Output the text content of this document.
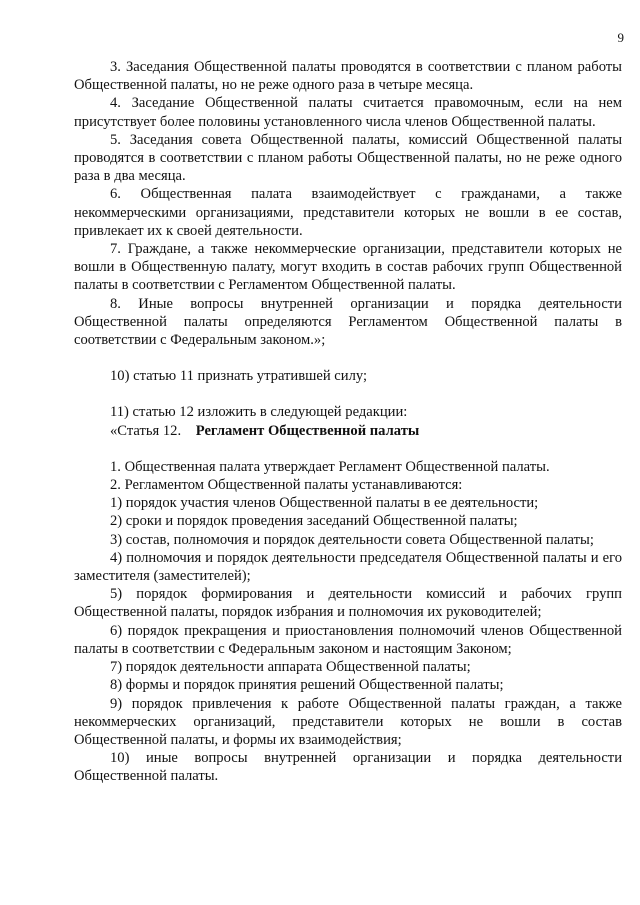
9

3. Заседания Общественной палаты проводятся в соответствии с планом работы Общественной палаты, но не реже одного раза в четыре месяца.

4. Заседание Общественной палаты считается правомочным, если на нем присутствует более половины установленного числа членов Общественной палаты.

5. Заседания совета Общественной палаты, комиссий Общественной палаты проводятся в соответствии с планом работы Общественной палаты, но не реже одного раза в два месяца.

6. Общественная палата взаимодействует с гражданами, а также некоммерческими организациями, представители которых не вошли в ее состав, привлекает их к своей деятельности.

7. Граждане, а также некоммерческие организации, представители которых не вошли в Общественную палату, могут входить в состав рабочих групп Общественной палаты в соответствии с Регламентом Общественной палаты.

8. Иные вопросы внутренней организации и порядка деятельности Общественной палаты определяются Регламентом Общественной палаты в соответствии с Федеральным законом.»;

10) статью 11 признать утратившей силу;

11) статью 12 изложить в следующей редакции:

«Статья 12. Регламент Общественной палаты

1. Общественная палата утверждает Регламент Общественной палаты.

2. Регламентом Общественной палаты устанавливаются:

1) порядок участия членов Общественной палаты в ее деятельности;

2) сроки и порядок проведения заседаний Общественной палаты;

3) состав, полномочия и порядок деятельности совета Общественной палаты;

4) полномочия и порядок деятельности председателя Общественной палаты и его заместителя (заместителей);

5) порядок формирования и деятельности комиссий и рабочих групп Общественной палаты, порядок избрания и полномочия их руководителей;

6) порядок прекращения и приостановления полномочий членов Общественной палаты в соответствии с Федеральным законом и настоящим Законом;

7) порядок деятельности аппарата Общественной палаты;

8) формы и порядок принятия решений Общественной палаты;

9) порядок привлечения к работе Общественной палаты граждан, а также некоммерческих организаций, представители которых не вошли в состав Общественной палаты, и формы их взаимодействия;

10) иные вопросы внутренней организации и порядка деятельности Общественной палаты.
